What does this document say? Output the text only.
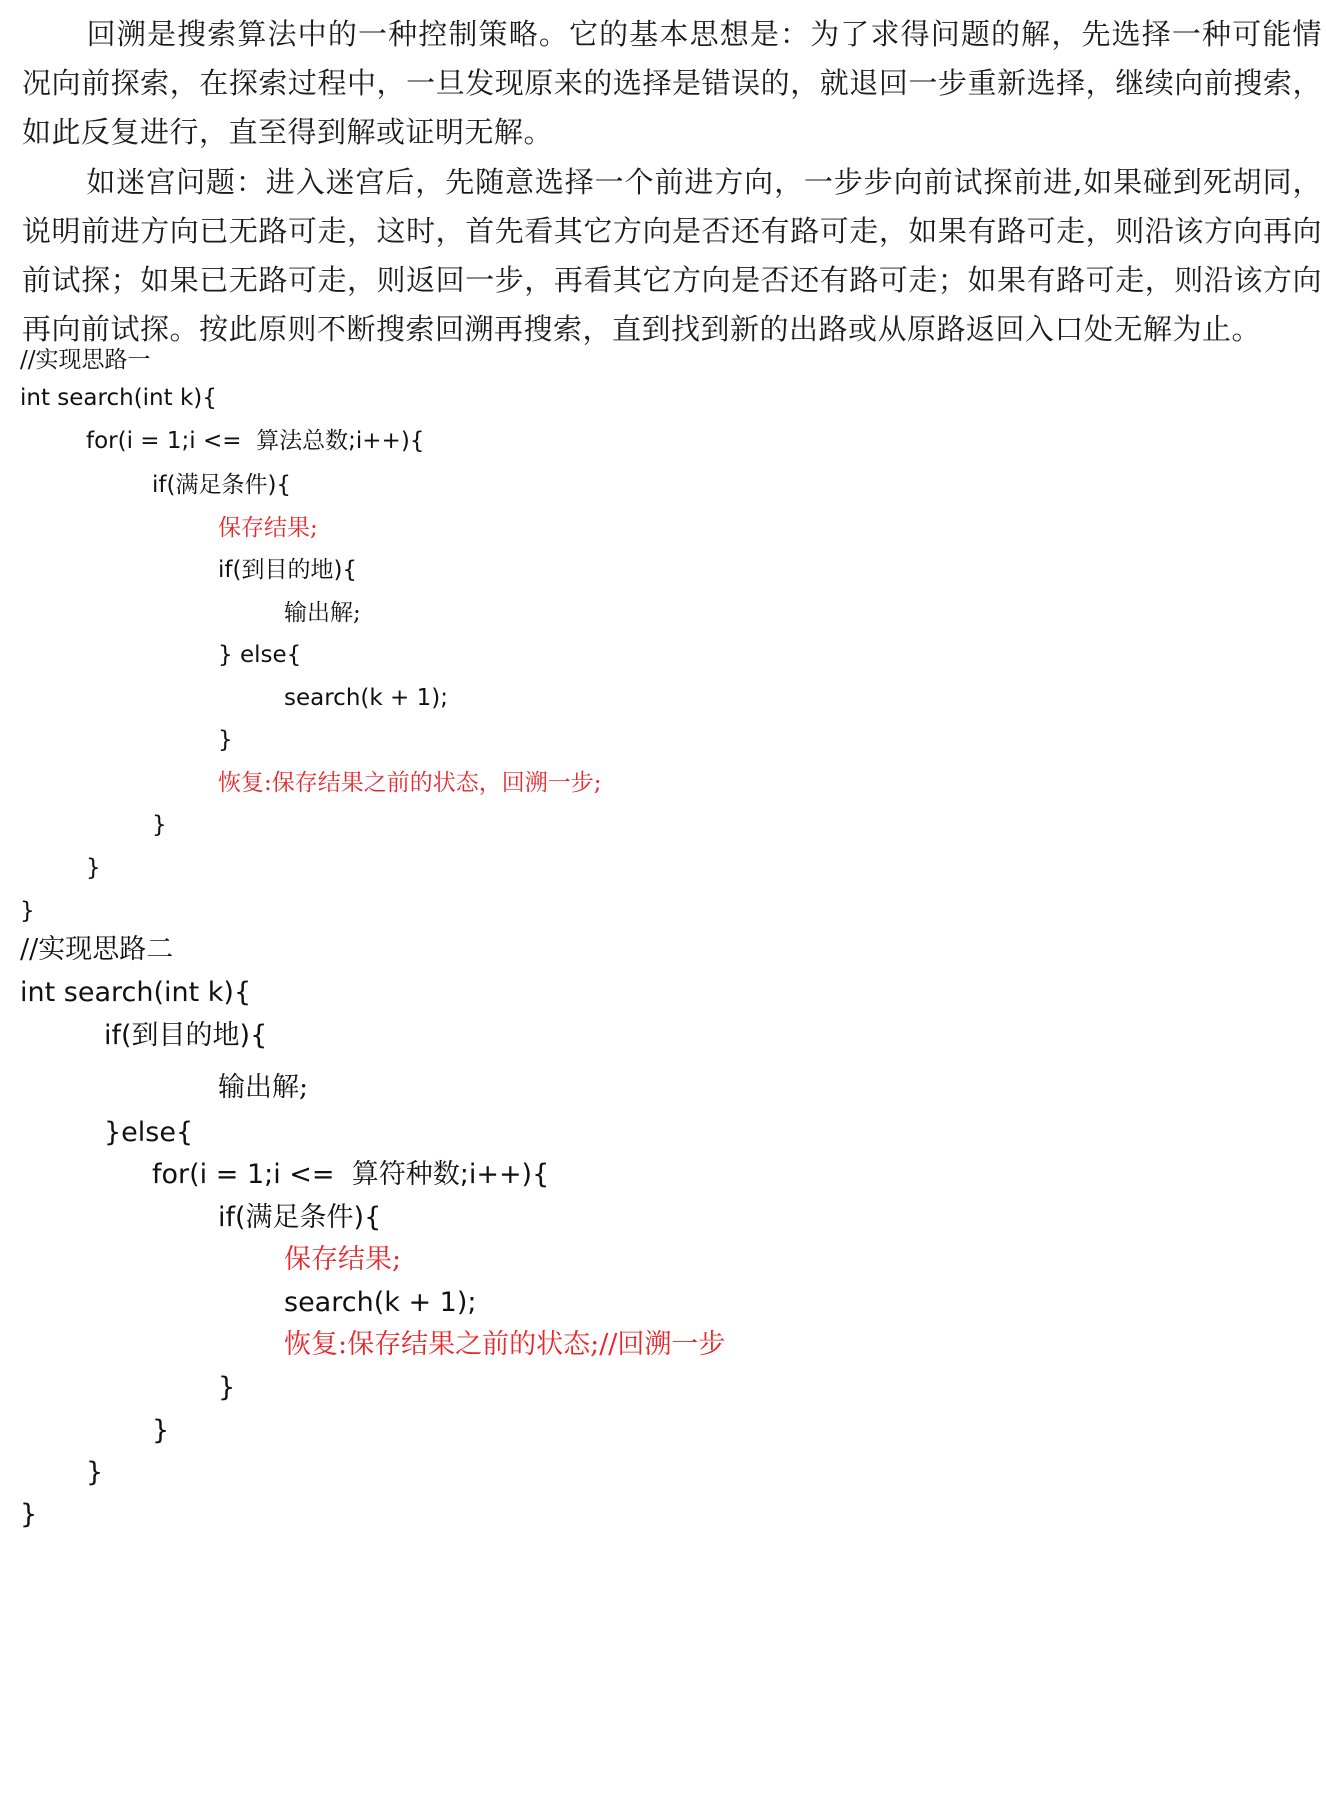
回溯是搜索算法中的一种控制策略。它的基本思想是：为了求得问题的解，先选择一种可能情况向前探索，在探索过程中，一旦发现原来的选择是错误的，就退回一步重新选择，继续向前搜索，如此反复进行，直至得到解或证明无解。

如迷宫问题：进入迷宫后，先随意选择一个前进方向，一步步向前试探前进,如果碰到死胡同，说明前进方向已无路可走，这时，首先看其它方向是否还有路可走，如果有路可走，则沿该方向再向前试探；如果已无路可走，则返回一步，再看其它方向是否还有路可走；如果有路可走，则沿该方向再向前试探。按此原则不断搜索回溯再搜索，直到找到新的出路或从原路返回入口处无解为止。

//实现思路一
int search(int k){
for(i = 1;i <=  算法总数;i++){
if(满足条件){
保存结果;
if(到目的地){
输出解;
} else{
search(k + 1);
}
恢复:保存结果之前的状态，回溯一步;
}
}
}
//实现思路二
int search(int k){
if(到目的地){
输出解;
}else{
for(i = 1;i <=  算符种数;i++){
if(满足条件){
保存结果;
search(k + 1);
恢复:保存结果之前的状态;//回溯一步
}
}
}
}
